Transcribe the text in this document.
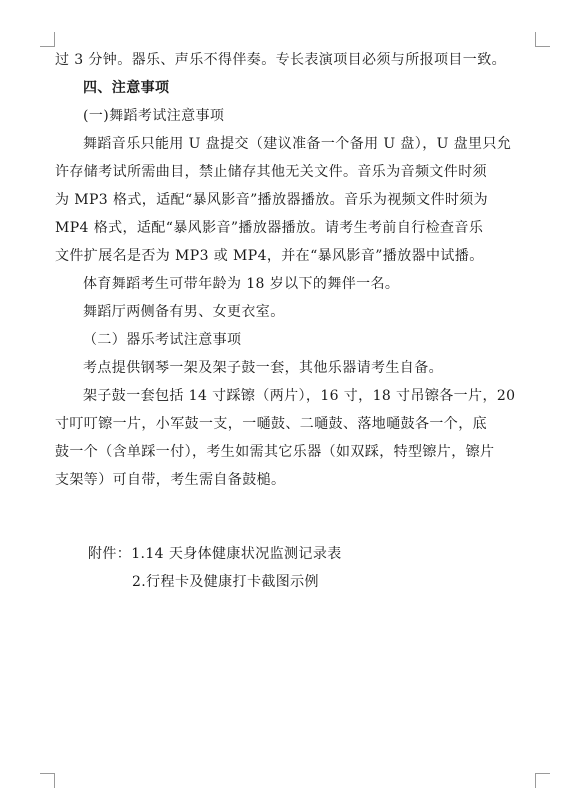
过 3 分钟。器乐、声乐不得伴奏。专长表演项目必须与所报项目一致。
四、注意事项
(一)舞蹈考试注意事项
舞蹈音乐只能用 U 盘提交（建议准备一个备用 U 盘），U 盘里只允
许存储考试所需曲目，禁止储存其他无关文件。音乐为音频文件时须
为 MP3 格式，适配“暴风影音”播放器播放。音乐为视频文件时须为
MP4 格式，适配“暴风影音”播放器播放。请考生考前自行检查音乐
文件扩展名是否为 MP3 或 MP4，并在“暴风影音”播放器中试播。
体育舞蹈考生可带年龄为 18 岁以下的舞伴一名。
舞蹈厅两侧备有男、女更衣室。
（二）器乐考试注意事项
考点提供钢琴一架及架子鼓一套，其他乐器请考生自备。
架子鼓一套包括 14 寸踩镲（两片），16 寸，18 寸吊镲各一片，20
寸叮叮镲一片，小军鼓一支，一嗵鼓、二嗵鼓、落地嗵鼓各一个，底
鼓一个（含单踩一付），考生如需其它乐器（如双踩，特型镲片，镲片
支架等）可自带，考生需自备鼓槌。
附件：1.14 天身体健康状况监测记录表
2.行程卡及健康打卡截图示例
